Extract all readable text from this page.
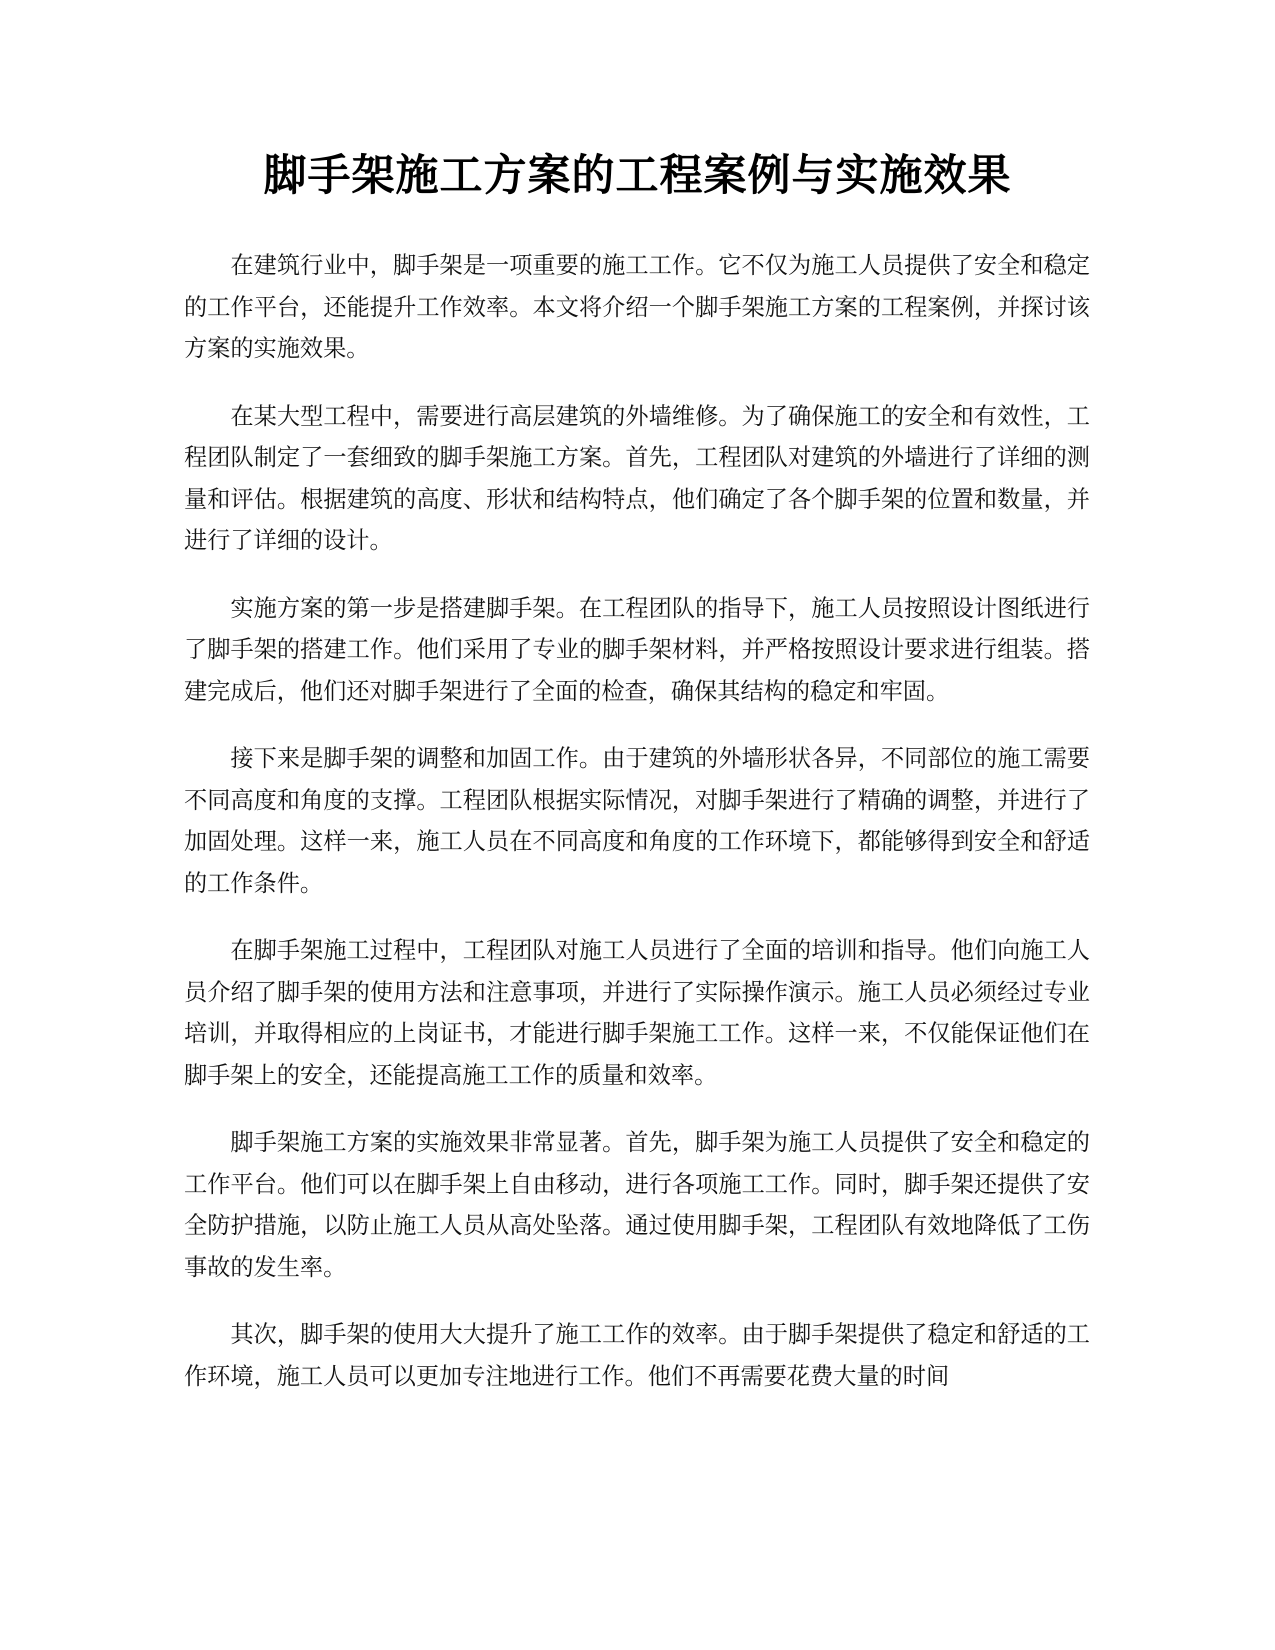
脚手架施工方案的工程案例与实施效果

在建筑行业中，脚手架是一项重要的施工工作。它不仅为施工人员提供了安全和稳定的工作平台，还能提升工作效率。本文将介绍一个脚手架施工方案的工程案例，并探讨该方案的实施效果。

在某大型工程中，需要进行高层建筑的外墙维修。为了确保施工的安全和有效性，工程团队制定了一套细致的脚手架施工方案。首先，工程团队对建筑的外墙进行了详细的测量和评估。根据建筑的高度、形状和结构特点，他们确定了各个脚手架的位置和数量，并进行了详细的设计。

实施方案的第一步是搭建脚手架。在工程团队的指导下，施工人员按照设计图纸进行了脚手架的搭建工作。他们采用了专业的脚手架材料，并严格按照设计要求进行组装。搭建完成后，他们还对脚手架进行了全面的检查，确保其结构的稳定和牢固。

接下来是脚手架的调整和加固工作。由于建筑的外墙形状各异，不同部位的施工需要不同高度和角度的支撑。工程团队根据实际情况，对脚手架进行了精确的调整，并进行了加固处理。这样一来，施工人员在不同高度和角度的工作环境下，都能够得到安全和舒适的工作条件。

在脚手架施工过程中，工程团队对施工人员进行了全面的培训和指导。他们向施工人员介绍了脚手架的使用方法和注意事项，并进行了实际操作演示。施工人员必须经过专业培训，并取得相应的上岗证书，才能进行脚手架施工工作。这样一来，不仅能保证他们在脚手架上的安全，还能提高施工工作的质量和效率。

脚手架施工方案的实施效果非常显著。首先，脚手架为施工人员提供了安全和稳定的工作平台。他们可以在脚手架上自由移动，进行各项施工工作。同时，脚手架还提供了安全防护措施，以防止施工人员从高处坠落。通过使用脚手架，工程团队有效地降低了工伤事故的发生率。

其次，脚手架的使用大大提升了施工工作的效率。由于脚手架提供了稳定和舒适的工作环境，施工人员可以更加专注地进行工作。他们不再需要花费大量的时间
